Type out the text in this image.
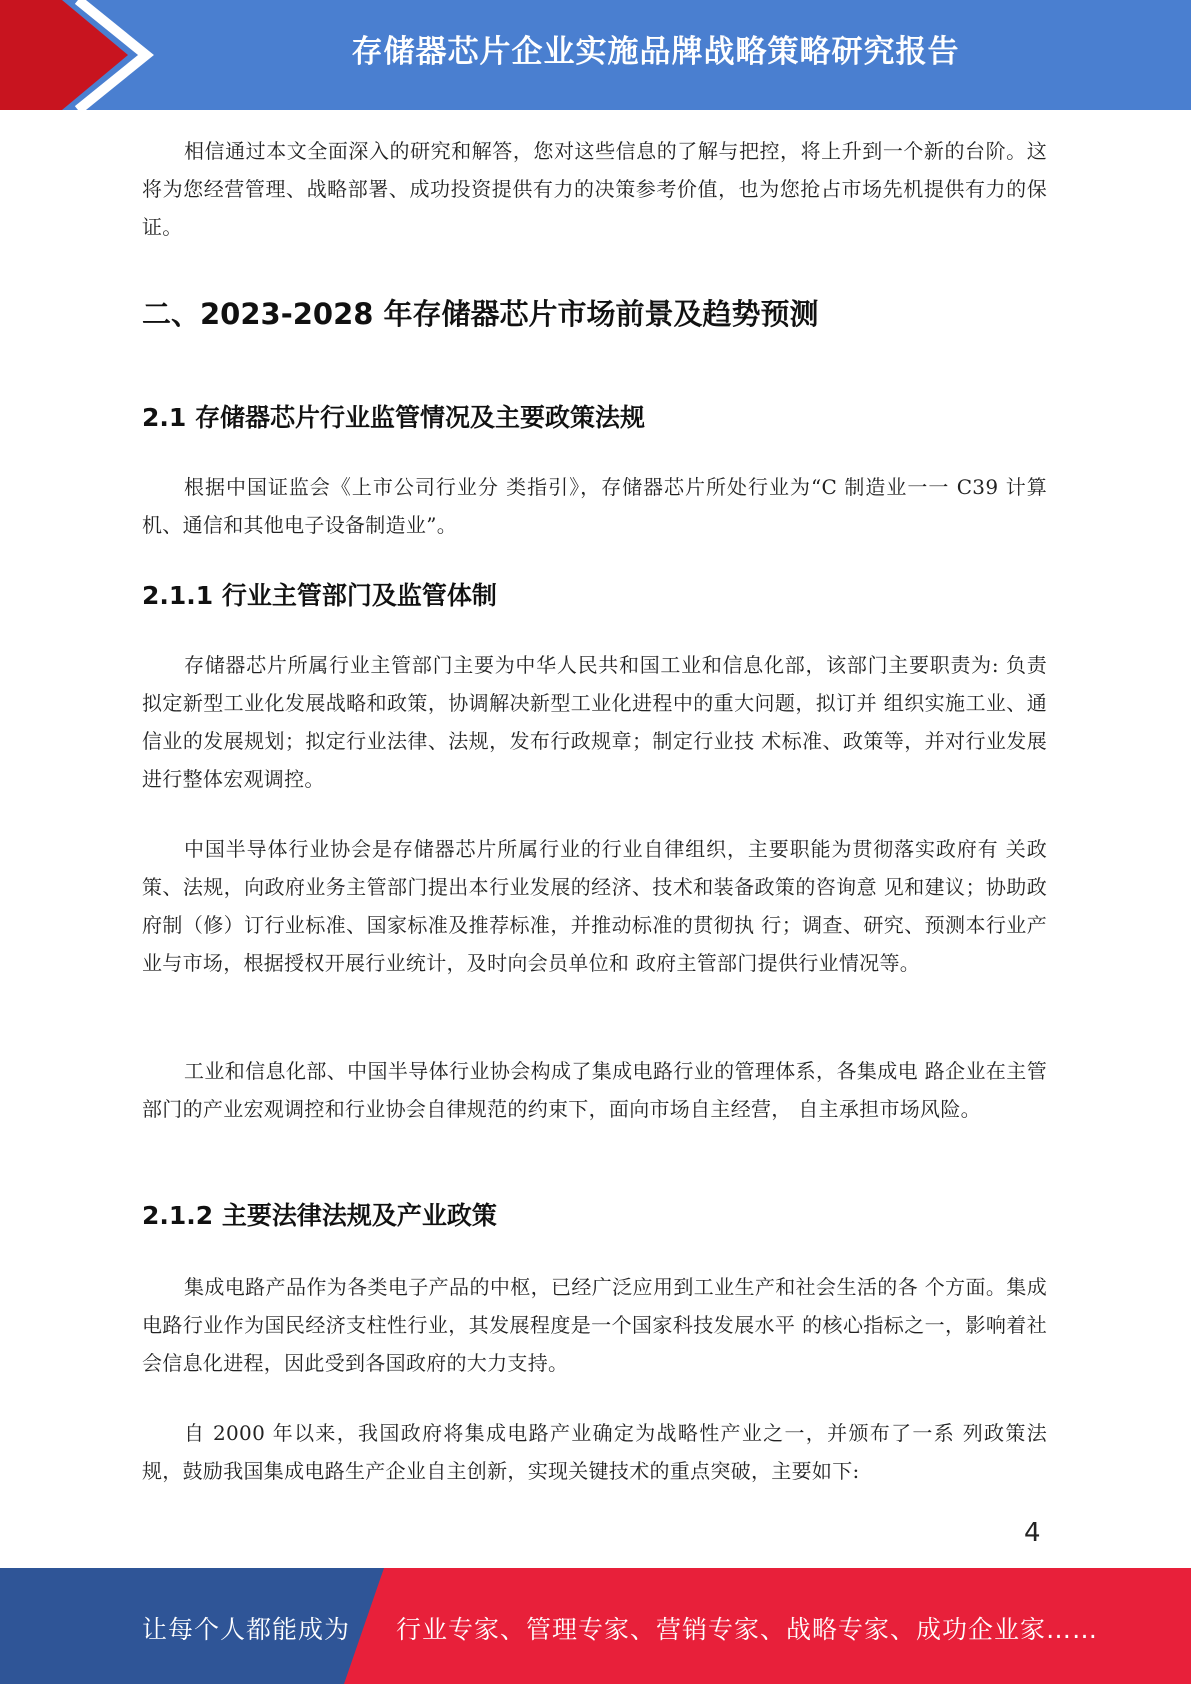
存储器芯片企业实施品牌战略策略研究报告

相信通过本文全面深入的研究和解答，您对这些信息的了解与把控，将上升到一个新的台阶。这将为您经营管理、战略部署、成功投资提供有力的决策参考价值，也为您抢占市场先机提供有力的保证。

二、2023-2028 年存储器芯片市场前景及趋势预测
2.1 存储器芯片行业监管情况及主要政策法规

根据中国证监会《上市公司行业分 类指引》，存储器芯片所处行业为“C 制造业一一 C39 计算机、通信和其他电子设备制造业”。

2.1.1 行业主管部门及监管体制

存储器芯片所属行业主管部门主要为中华人民共和国工业和信息化部，该部门主要职责为: 负责拟定新型工业化发展战略和政策，协调解决新型工业化进程中的重大问题，拟订并 组织实施工业、通信业的发展规划；拟定行业法律、法规，发布行政规章；制定行业技 术标准、政策等，并对行业发展进行整体宏观调控。

中国半导体行业协会是存储器芯片所属行业的行业自律组织，主要职能为贯彻落实政府有 关政策、法规，向政府业务主管部门提出本行业发展的经济、技术和装备政策的咨询意 见和建议；协助政府制（修）订行业标准、国家标准及推荐标准，并推动标准的贯彻执 行；调查、研究、预测本行业产业与市场，根据授权开展行业统计，及时向会员单位和 政府主管部门提供行业情况等。

工业和信息化部、中国半导体行业协会构成了集成电路行业的管理体系，各集成电 路企业在主管部门的产业宏观调控和行业协会自律规范的约束下，面向市场自主经营， 自主承担市场风险。

2.1.2 主要法律法规及产业政策

集成电路产品作为各类电子产品的中枢，已经广泛应用到工业生产和社会生活的各 个方面。集成电路行业作为国民经济支柱性行业，其发展程度是一个国家科技发展水平 的核心指标之一，影响着社会信息化进程，因此受到各国政府的大力支持。

自 2000 年以来，我国政府将集成电路产业确定为战略性产业之一，并颁布了一系 列政策法规，鼓励我国集成电路生产企业自主创新，实现关键技术的重点突破，主要如下:

4
让每个人都能成为 行业专家、管理专家、营销专家、战略专家、成功企业家……
